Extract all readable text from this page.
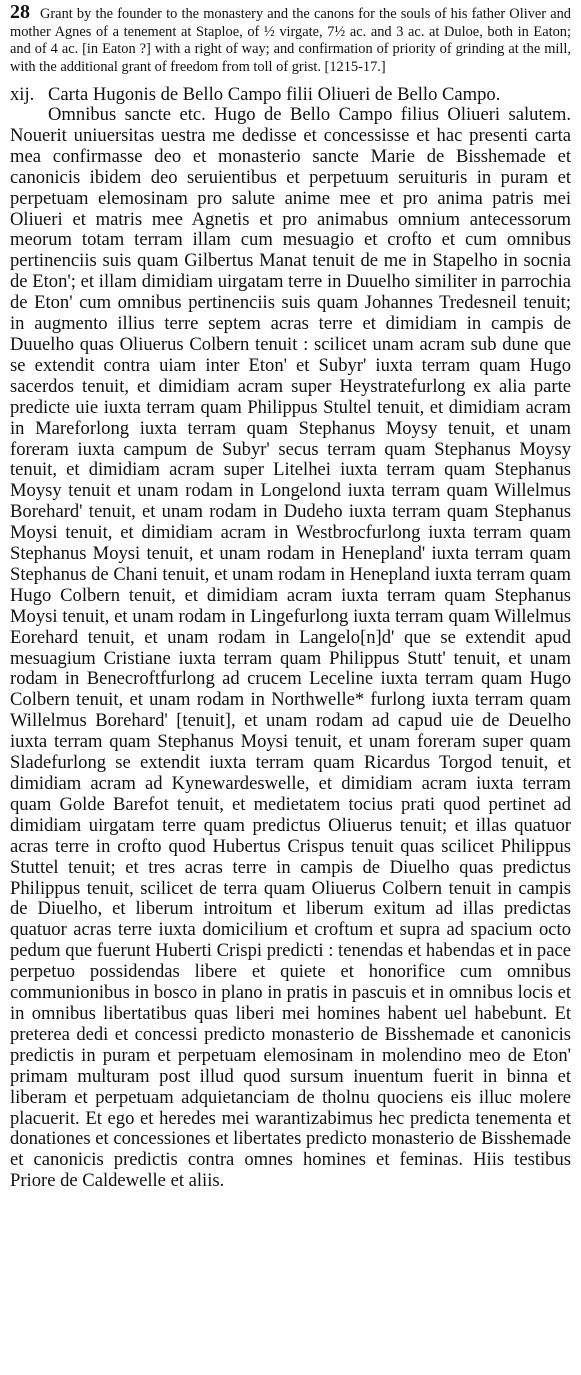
28 Grant by the founder to the monastery and the canons for the souls of his father Oliver and mother Agnes of a tenement at Staploe, of ½ virgate, 7½ ac. and 3 ac. at Duloe, both in Eaton; and of 4 ac. [in Eaton ?] with a right of way; and confirmation of priority of grinding at the mill, with the additional grant of freedom from toll of grist. [1215-17.]
xij. Carta Hugonis de Bello Campo filii Olіueri de Bello Campo.

Omnibus sancte etc. Hugo de Bello Campo filius Olіueri salutem. Nouerit uniuersitas uestra me dedisse et concessisse et hac presenti carta mea confirmasse deo et monasterio sancte Marie de Bisshemade et canonicis ibidem deo seruientibus et perpetuum seruituris in puram et perpetuam elemosinam pro salute anime mee et pro anima patris mei Olіueri et matris mee Agnetis et pro animabus omnium antecessorum meorum totam terram illam cum mesuagio et crofto et cum omnibus pertinenciis suis quam Gilbertus Manat tenuit de me in Stapelho in socnia de Eton'; et illam dimidiam uirgatam terre in Duuelho similiter in parrochia de Eton' cum omnibus pertinenciis suis quam Johannes Tredesneil tenuit; in augmento illius terre septem acras terre et dimidiam in campis de Duuelho quas Oliuerus Colbern tenuit : scilicet unam acram sub dune que se extendit contra uiam inter Eton' et Subyr' iuxta terram quam Hugo sacerdos tenuit, et dimidiam acram super Heystratefurlong ex alia parte predicte uie iuxta terram quam Philippus Stultel tenuit, et dimidiam acram in Mareforlong iuxta terram quam Stephanus Moysy tenuit, et unam foreram iuxta campum de Subyr' secus terram quam Stephanus Moysy tenuit, et dimidiam acram super Litelhei iuxta terram quam Stephanus Moysy tenuit et unam rodam in Longelond iuxta terram quam Willelmus Borehard' tenuit, et unam rodam in Dudeho iuxta terram quam Stephanus Moysi tenuit, et dimidiam acram in Westbrocfurlong iuxta terram quam Stephanus Moysi tenuit, et unam rodam in Henepland' iuxta terram quam Stephanus de Chani tenuit, et unam rodam in Henepland iuxta terram quam Hugo Colbern tenuit, et dimidiam acram iuxta terram quam Stephanus Moysi tenuit, et unam rodam in Lingefurlong iuxta terram quam Willelmus Eorehard tenuit, et unam rodam in Langelo[n]d' que se extendit apud mesuagium Cristiane iuxta terram quam Philippus Stutt' tenuit, et unam rodam in Benecroftfurlong ad crucem Leceline iuxta terram quam Hugo Colbern tenuit, et unam rodam in Northwelle* furlong iuxta terram quam Willelmus Borehard' [tenuit], et unam rodam ad capud uie de Deuelho iuxta terram quam Stephanus Moysi tenuit, et unam foreram super quam Sladefurlong se extendit iuxta terram quam Ricardus Torgod tenuit, et dimidiam acram ad Kynewardeswelle, et dimidiam acram iuxta terram quam Golde Barefot tenuit, et medietatem tocius prati quod pertinet ad dimidiam uirgatam terre quam predictus Oliuerus tenuit; et illas quatuor acras terre in crofto quod Hubertus Crispus tenuit quas scilicet Philippus Stuttel tenuit; et tres acras terre in campis de Diuelho quas predictus Philippus tenuit, scilicet de terra quam Oliuerus Colbern tenuit in campis de Diuelho, et liberum introitum et liberum exitum ad illas predictas quatuor acras terre iuxta domicilium et croftum et supra ad spacium octo pedum que fuerunt Huberti Crispi predicti : tenendas et habendas et in pace perpetuo possidendas libere et quiete et honorifice cum omnibus communionibus in bosco in plano in pratis in pascuis et in omnibus locis et in omnibus libertatibus quas liberi mei homines habent uel habebunt. Et preterea dedi et concessi predicto monasterio de Bisshemade et canonicis predictis in puram et perpetuam elemosinam in molendino meo de Eton' primam multuram post illud quod sursum inuentum fuerit in binna et liberam et perpetuam adquietanciam de tholnu quociens eis illuc molere placuerit. Et ego et heredes mei warantizabimus hec predicta tenementa et donationes et concessiones et libertates predicto monasterio de Bisshemade et canonicis predictis contra omnes homines et feminas. Hiis testibus Priore de Caldewelle et aliis.
